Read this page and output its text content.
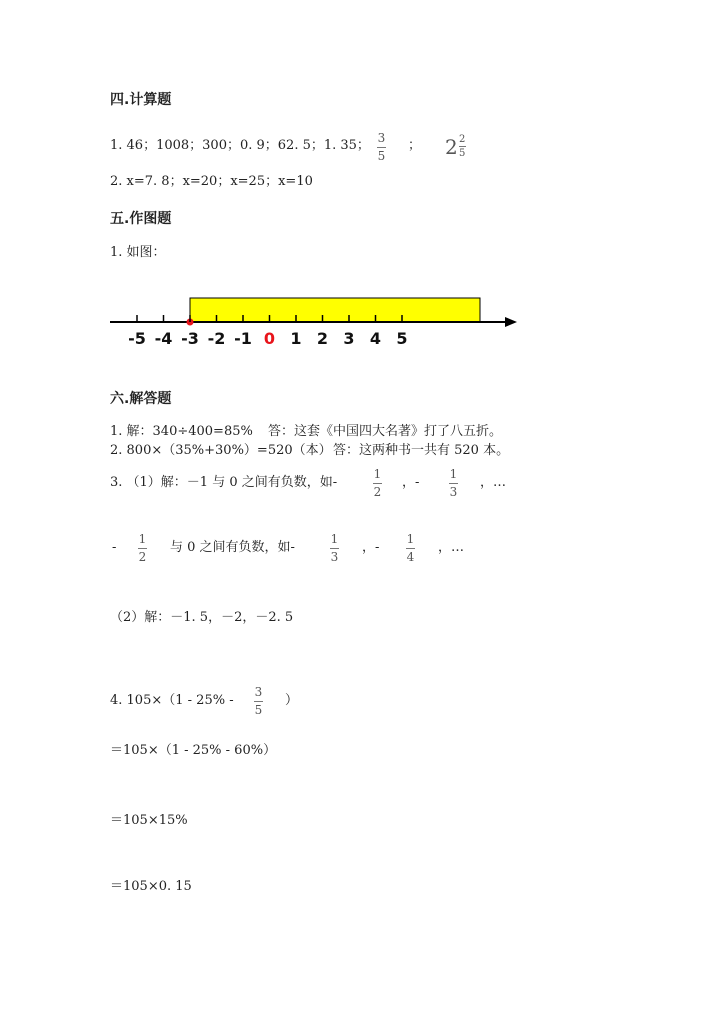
四.计算题
1. 46；1008；300；0. 9；62. 5；1. 35； 3
5
； $2 \frac{2}{5}$
2. x=7. 8；x=20；x=25；x=10
五.作图题
1. 如图：
-5 -4 -3 -2 -1 0 1 2 3 4 5
六.解答题
1. 解：340÷400=85% 答：这套《中国四大名著》打了八五折。
2. 800×（35%+30%）=520（本） 答：这两种书一共有 520 本。
3. （1）解：－1 与 0 之间有负数，如-
1
2
，-
1
3
，…
-
1
2
与 0 之间有负数，如-
1
3
，-
1
4
，…
（2）解：－1. 5，－2，－2. 5
4. 105×（1 - 25% -
3
5
）
＝105×（1 - 25% - 60%）
＝105×15%
＝105×0. 15
